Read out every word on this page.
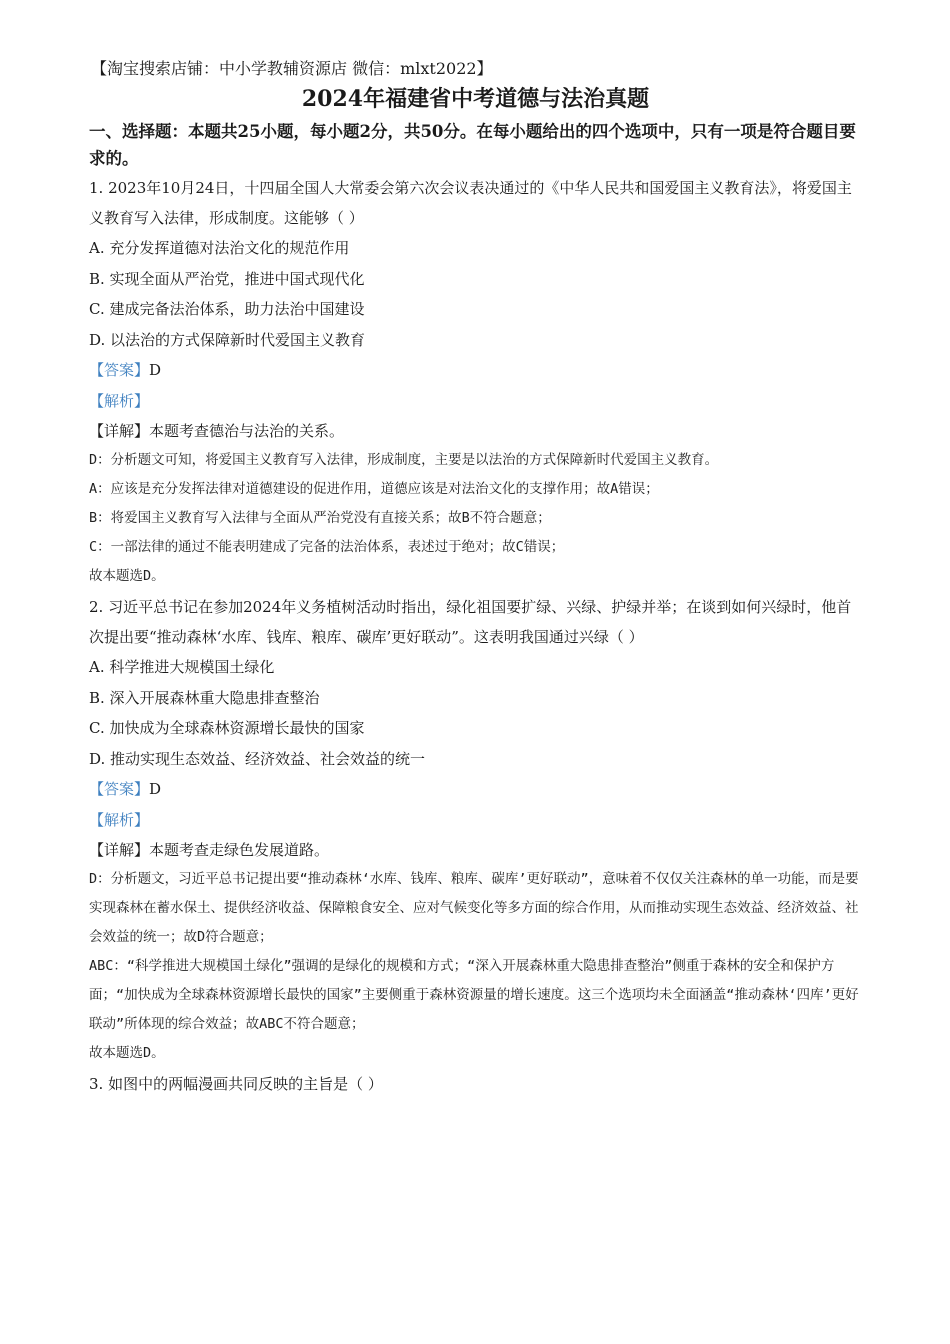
【淘宝搜索店铺：中小学教辅资源店 微信：mlxt2022】
2024年福建省中考道德与法治真题
一、选择题：本题共25小题，每小题2分，共50分。在每小题给出的四个选项中，只有一项是符合题目要求的。
1. 2023年10月24日，十四届全国人大常委会第六次会议表决通过的《中华人民共和国爱国主义教育法》，将爱国主义教育写入法律，形成制度。这能够（ ）
A. 充分发挥道德对法治文化的规范作用
B. 实现全面从严治党，推进中国式现代化
C. 建成完备法治体系，助力法治中国建设
D. 以法治的方式保障新时代爱国主义教育
【答案】D
【解析】
【详解】本题考查德治与法治的关系。
D：分析题文可知，将爱国主义教育写入法律，形成制度，主要是以法治的方式保障新时代爱国主义教育。
A：应该是充分发挥法律对道德建设的促进作用，道德应该是对法治文化的支撑作用；故A错误；
B：将爱国主义教育写入法律与全面从严治党没有直接关系；故B不符合题意；
C：一部法律的通过不能表明建成了完备的法治体系，表述过于绝对；故C错误；
故本题选D。
2. 习近平总书记在参加2024年义务植树活动时指出，绿化祖国要扩绿、兴绿、护绿并举；在谈到如何兴绿时，他首次提出要“推动森林‘水库、钱库、粮库、碳库’更好联动”。这表明我国通过兴绿（ ）
A. 科学推进大规模国土绿化
B. 深入开展森林重大隐患排查整治
C. 加快成为全球森林资源增长最快的国家
D. 推动实现生态效益、经济效益、社会效益的统一
【答案】D
【解析】
【详解】本题考查走绿色发展道路。
D：分析题文，习近平总书记提出要“推动森林‘水库、钱库、粮库、碳库’更好联动”，意味着不仅仅关注森林的单一功能，而是要实现森林在蓄水保土、提供经济收益、保障粮食安全、应对气候变化等多方面的综合作用，从而推动实现生态效益、经济效益、社会效益的统一；故D符合题意；
ABC：“科学推进大规模国土绿化”强调的是绿化的规模和方式；“深入开展森林重大隐患排查整治”侧重于森林的安全和保护方面；“加快成为全球森林资源增长最快的国家”主要侧重于森林资源量的增长速度。这三个选项均未全面涵盖“推动森林‘四库’更好联动”所体现的综合效益；故ABC不符合题意；
故本题选D。
3. 如图中的两幅漫画共同反映的主旨是（ ）
